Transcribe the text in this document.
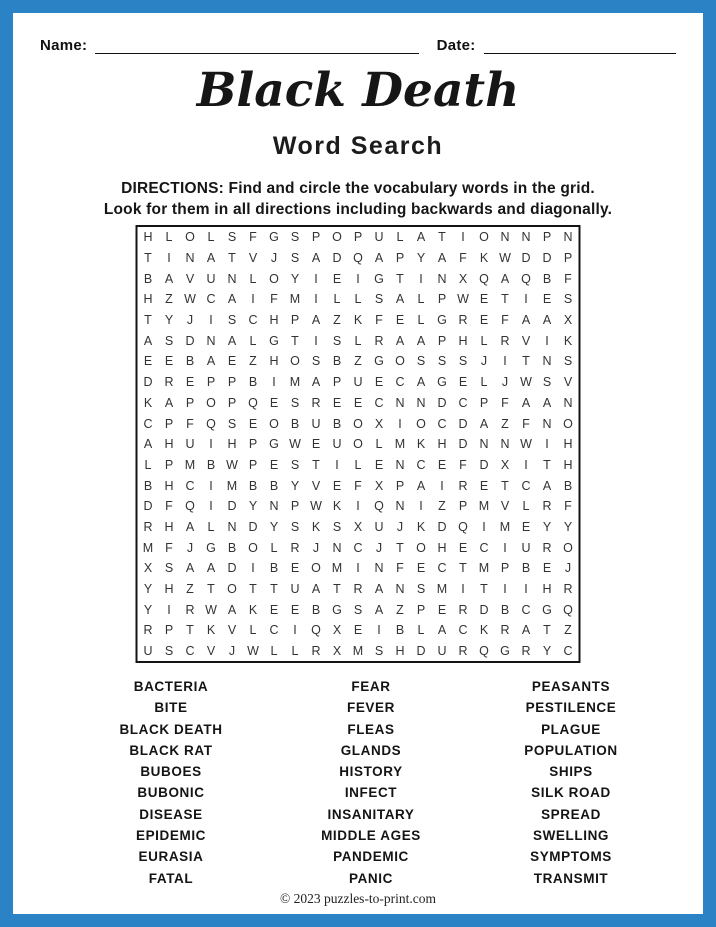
Name:	Date:
Black Death
Word Search
DIRECTIONS: Find and circle the vocabulary words in the grid.
Look for them in all directions including backwards and diagonally.
H	L	O	L	S	F G S	P O P U	L	A	T	I	O N N P N
T	I	N A	T	V	J	S	A D Q A	P	Y	A	F	K W D D P
B	A	V U N	L	O Y	I	E	I	G T	I	N X Q A Q B	F
H	Z W C A	I	F M	I	L	L	S	A	L	P W E	T	I	E	S
T	Y	J	I	S C H P	A	Z	K	F	E	L	G R E	F	A	A	X
A	S D N A	L	G T	I	S	L	R A	A	P H	L	R V	I	K
E	E	B	A	E	Z	H O S	B	Z G O S	S	S	J	I	T	N S
D R E	P	P	B	I	M A	P U E C A G E	L	J W S	V
K	A	P O P Q E	S R E	E C N N D C P	F	A	A N
C P	F Q S	E O B U B O X	I	O C D A	Z	F	N O
A H U	I	H P G W E U O	L M K H D N N W	I	H
L	P M B W P	E	S	T	I	L	E N C E	F	D X	I	T	H
B H C	I	M B	B	Y	V	E	F	X	P	A	I	R E	T	C A	B
D	F Q	I	D Y N P W K	I	Q N	I	Z	P M V	L	R	F
R H A	L	N D Y	S	K	S	X U	J	K D Q	I	M E	Y	Y
M F	J	G B O	L	R	J	N C	J	T O H E C	I	U R O
X	S	A	A D	I	B	E O M	I	N	F	E C	T M P	B	E	J
Y H	Z	T O T	T	U A	T	R A N S M	I	T	I	I	H R
Y	I	R W A	K	E	E	B G S	A	Z	P	E R D B C G Q
R P	T	K	V	L	C	I	Q X	E	I	B	L	A C K R A	T	Z
U S C V	J W L	L	R X M S H D U R Q G R Y C
BACTERIA
BITE
BLACK DEATH
BLACK RAT
BUBOES
BUBONIC
DISEASE
EPIDEMIC
EURASIA
FATAL
FEAR
FEVER
FLEAS
GLANDS
HISTORY
INFECT
INSANITARY
MIDDLE AGES
PANDEMIC
PANIC
PEASANTS
PESTILENCE
PLAGUE
POPULATION
SHIPS
SILK ROAD
SPREAD
SWELLING
SYMPTOMS
TRANSMIT
© 2023 puzzles-to-print.com
